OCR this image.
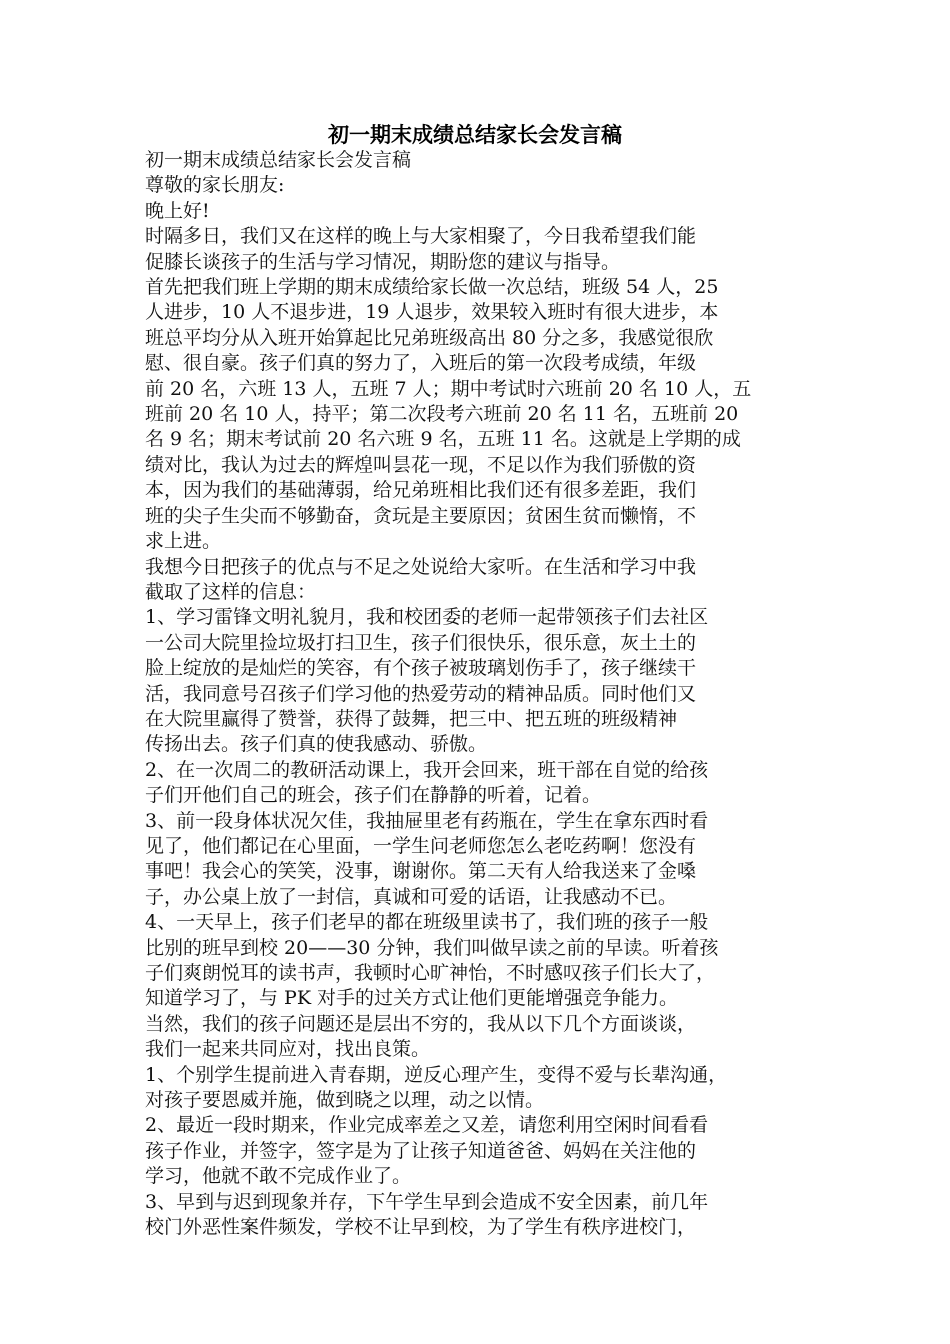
初一期末成绩总结家长会发言稿

初一期末成绩总结家长会发言稿

尊敬的家长朋友:

晚上好!

时隔多日，我们又在这样的晚上与大家相聚了，今日我希望我们能

促膝长谈孩子的生活与学习情况，期盼您的建议与指导。

首先把我们班上学期的期末成绩给家长做一次总结，班级 54 人，25

人进步，10 人不退步进，19 人退步，效果较入班时有很大进步，本

班总平均分从入班开始算起比兄弟班级高出 80 分之多，我感觉很欣

慰、很自豪。孩子们真的努力了，入班后的第一次段考成绩，年级

前 20 名，六班 13 人，五班 7 人；期中考试时六班前 20 名 10 人，五

班前 20 名 10 人，持平；第二次段考六班前 20 名 11 名，五班前 20

名 9 名；期末考试前 20 名六班 9 名，五班 11 名。这就是上学期的成

绩对比，我认为过去的辉煌叫昙花一现，不足以作为我们骄傲的资

本，因为我们的基础薄弱，给兄弟班相比我们还有很多差距，我们

班的尖子生尖而不够勤奋，贪玩是主要原因；贫困生贫而懒惰，不

求上进。

我想今日把孩子的优点与不足之处说给大家听。在生活和学习中我

截取了这样的信息：

1、学习雷锋文明礼貌月，我和校团委的老师一起带领孩子们去社区

一公司大院里捡垃圾打扫卫生，孩子们很快乐，很乐意，灰土土的

脸上绽放的是灿烂的笑容，有个孩子被玻璃划伤手了，孩子继续干

活，我同意号召孩子们学习他的热爱劳动的精神品质。同时他们又

在大院里赢得了赞誉，获得了鼓舞，把三中、把五班的班级精神

传扬出去。孩子们真的使我感动、骄傲。

2、在一次周二的教研活动课上，我开会回来，班干部在自觉的给孩

子们开他们自己的班会，孩子们在静静的听着，记着。

3、前一段身体状况欠佳，我抽屉里老有药瓶在，学生在拿东西时看

见了，他们都记在心里面，一学生问老师您怎么老吃药啊！您没有

事吧！我会心的笑笑，没事，谢谢你。第二天有人给我送来了金嗓

子，办公桌上放了一封信，真诚和可爱的话语，让我感动不已。

4、一天早上，孩子们老早的都在班级里读书了，我们班的孩子一般

比别的班早到校 20——30 分钟，我们叫做早读之前的早读。听着孩

子们爽朗悦耳的读书声，我顿时心旷神怡，不时感叹孩子们长大了，

知道学习了，与 PK 对手的过关方式让他们更能增强竞争能力。

当然，我们的孩子问题还是层出不穷的，我从以下几个方面谈谈，

我们一起来共同应对，找出良策。

1、个别学生提前进入青春期，逆反心理产生，变得不爱与长辈沟通，

对孩子要恩威并施，做到晓之以理，动之以情。

2、最近一段时期来，作业完成率差之又差，请您利用空闲时间看看

孩子作业，并签字，签字是为了让孩子知道爸爸、妈妈在关注他的

学习，他就不敢不完成作业了。

3、早到与迟到现象并存，下午学生早到会造成不安全因素，前几年

校门外恶性案件频发，学校不让早到校，为了学生有秩序进校门，
